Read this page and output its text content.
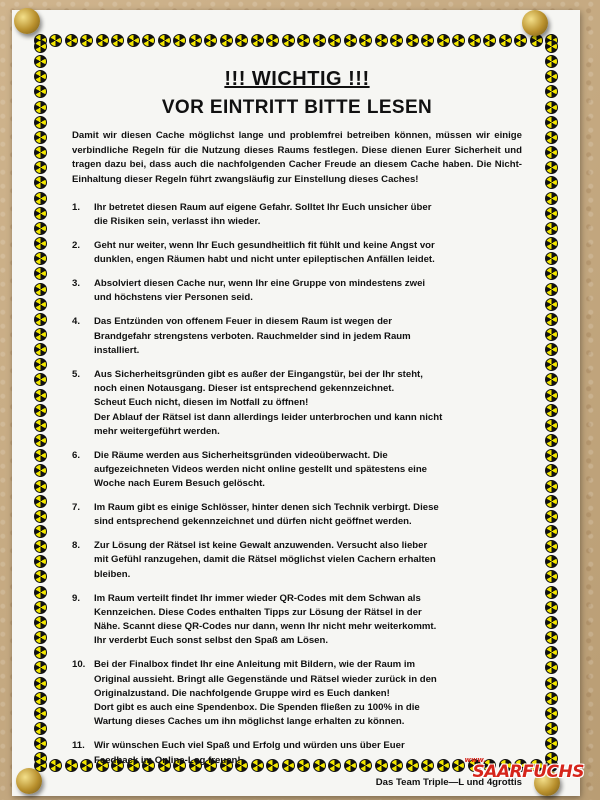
!!! WICHTIG !!!
VOR EINTRITT BITTE LESEN

Damit wir diesen Cache möglichst lange und problemfrei betreiben können, müssen wir einige verbindliche Regeln für die Nutzung dieses Raums festlegen. Diese dienen Eurer Sicherheit und tragen dazu bei, dass auch die nachfolgenden Cacher Freude an diesem Cache haben. Die Nicht-Einhaltung dieser Regeln führt zwangsläufig zur Einstellung dieses Caches!

1.	Ihr betretet diesen Raum auf eigene Gefahr. Solltet Ihr Euch unsicher über
die Risiken sein, verlasst ihn wieder.
2.	Geht nur weiter, wenn Ihr Euch gesundheitlich fit fühlt und keine Angst vor
dunklen, engen Räumen habt und nicht unter epileptischen Anfällen leidet.
3.	Absolviert diesen Cache nur, wenn Ihr eine Gruppe von mindestens zwei
und höchstens vier Personen seid.
4.	Das Entzünden von offenem Feuer in diesem Raum ist wegen der
Brandgefahr strengstens verboten. Rauchmelder sind in jedem Raum
installiert.
5.	Aus Sicherheitsgründen gibt es außer der Eingangstür, bei der Ihr steht,
noch einen Notausgang. Dieser ist entsprechend gekennzeichnet.
Scheut Euch nicht, diesen im Notfall zu öffnen!
Der Ablauf der Rätsel ist dann allerdings leider unterbrochen und kann nicht
mehr weitergeführt werden.
6.	Die Räume werden aus Sicherheitsgründen videoüberwacht. Die
aufgezeichneten Videos werden nicht online gestellt und spätestens eine
Woche nach Eurem Besuch gelöscht.
7.	Im Raum gibt es einige Schlösser, hinter denen sich Technik verbirgt. Diese
sind entsprechend gekennzeichnet und dürfen nicht geöffnet werden.
8.	Zur Lösung der Rätsel ist keine Gewalt anzuwenden. Versucht also lieber
mit Gefühl ranzugehen, damit die Rätsel möglichst vielen Cachern erhalten
bleiben.
9.	Im Raum verteilt findet Ihr immer wieder QR-Codes mit dem Schwan als
Kennzeichen. Diese Codes enthalten Tipps zur Lösung der Rätsel in der
Nähe. Scannt diese QR-Codes nur dann, wenn Ihr nicht mehr weiterkommt.
Ihr verderbt Euch sonst selbst den Spaß am Lösen.
10. Bei der Finalbox findet Ihr eine Anleitung mit Bildern, wie der Raum im
Original aussieht. Bringt alle Gegenstände und Rätsel wieder zurück in den
Originalzustand. Die nachfolgende Gruppe wird es Euch danken!
Dort gibt es auch eine Spendenbox. Die Spenden fließen zu 100% in die
Wartung dieses Caches um ihn möglichst lange erhalten zu können.
11. Wir wünschen Euch viel Spaß und Erfolg und würden uns über Euer
Feedback im Online-Log freuen!
Das Team Triple—L und 4grottis
www.
SAARFUCHS
